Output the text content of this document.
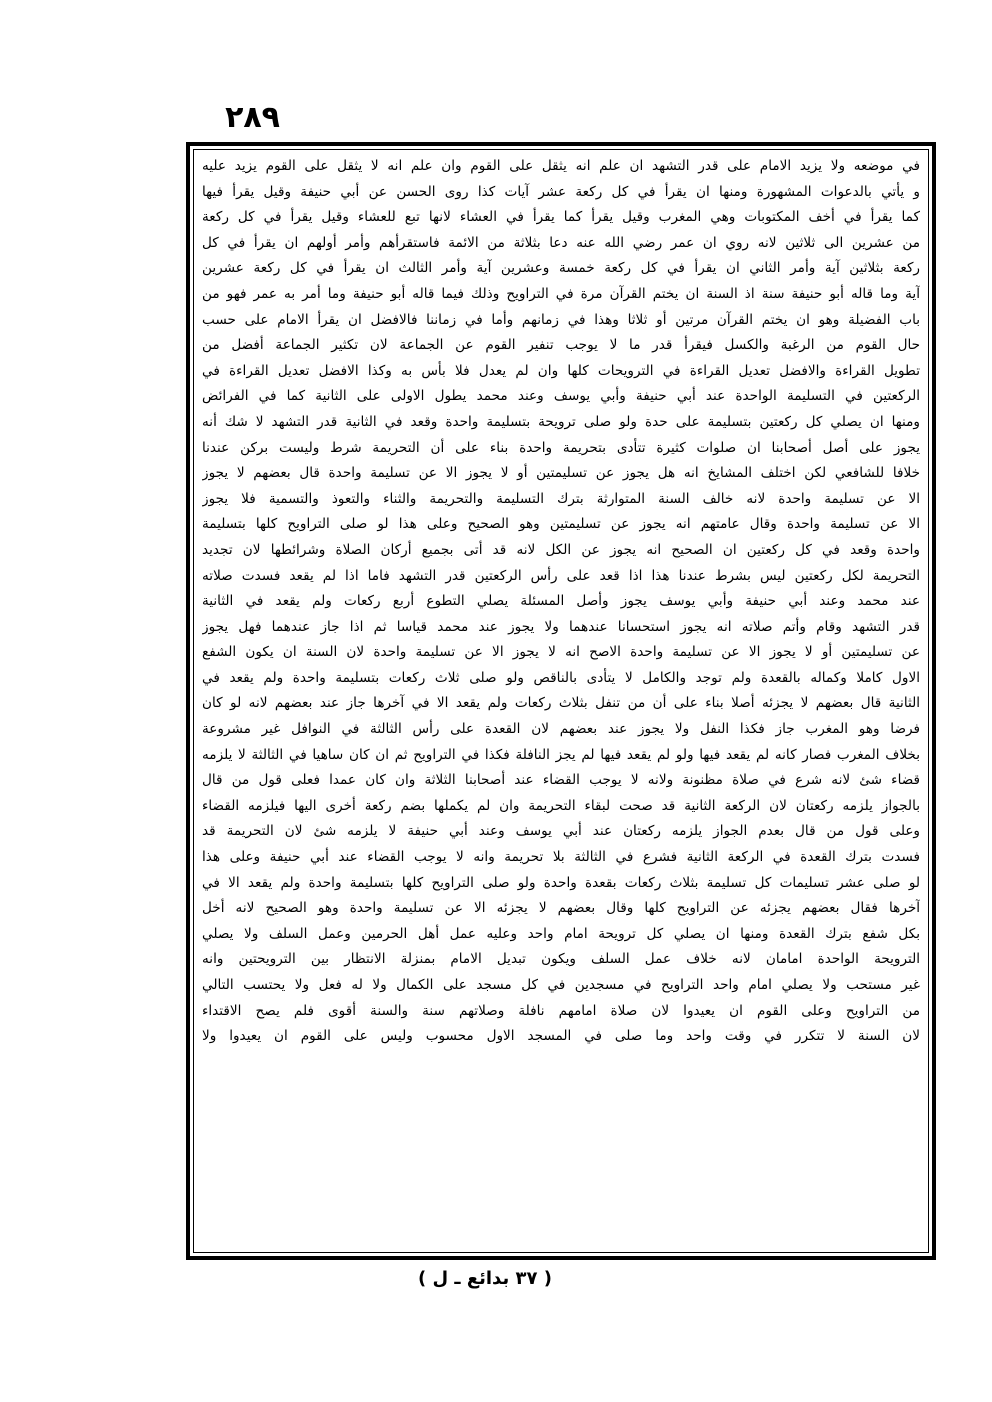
٢٨٩
في موضعه ولا يزيد الامام على قدر التشهد ان علم انه يثقل على القوم وان علم انه لا يثقل على القوم يزيد عليه
و يأتي بالدعوات المشهورة ومنها ان يقرأ في كل ركعة عشر آيات كذا روى الحسن عن أبي حنيفة وقيل يقرأ فيها
كما يقرأ في أخف المكتوبات وهي المغرب وقيل يقرأ كما يقرأ في العشاء لانها تبع للعشاء وقيل يقرأ في كل ركعة
من عشرين الى ثلاثين لانه روي ان عمر رضي الله عنه دعا بثلاثة من الائمة فاستقرأهم وأمر أولهم ان يقرأ في كل
ركعة بثلاثين آية وأمر الثاني ان يقرأ في كل ركعة خمسة وعشرين آية وأمر الثالث ان يقرأ في كل ركعة عشرين
آية وما قاله أبو حنيفة سنة اذ السنة ان يختم القرآن مرة في التراويح وذلك فيما قاله أبو حنيفة وما أمر به عمر فهو من
باب الفضيلة وهو ان يختم القرآن مرتين أو ثلاثا وهذا في زمانهم وأما في زماننا فالافضل ان يقرأ الامام على حسب
حال القوم من الرغبة والكسل فيقرأ قدر ما لا يوجب تنفير القوم عن الجماعة لان تكثير الجماعة أفضل من
تطويل القراءة والافضل تعديل القراءة في الترويحات كلها وان لم يعدل فلا بأس به وكذا الافضل تعديل القراءة في
الركعتين في التسليمة الواحدة عند أبي حنيفة وأبي يوسف وعند محمد يطول الاولى على الثانية كما في الفرائض
ومنها ان يصلي كل ركعتين بتسليمة على حدة ولو صلى ترويحة بتسليمة واحدة وقعد في الثانية قدر التشهد لا شك أنه
يجوز على أصل أصحابنا ان صلوات كثيرة تتأدى بتحريمة واحدة بناء على أن التحريمة شرط وليست بركن عندنا
خلافا للشافعي لكن اختلف المشايخ انه هل يجوز عن تسليمتين أو لا يجوز الا عن تسليمة واحدة قال بعضهم لا يجوز
الا عن تسليمة واحدة لانه خالف السنة المتوارثة بترك التسليمة والتحريمة والثناء والتعوذ والتسمية فلا يجوز
الا عن تسليمة واحدة وقال عامتهم انه يجوز عن تسليمتين وهو الصحيح وعلى هذا لو صلى التراويح كلها بتسليمة
واحدة وقعد في كل ركعتين ان الصحيح انه يجوز عن الكل لانه قد أتى بجميع أركان الصلاة وشرائطها لان تجديد
التحريمة لكل ركعتين ليس بشرط عندنا هذا اذا قعد على رأس الركعتين قدر التشهد فاما اذا لم يقعد فسدت صلاته
عند محمد وعند أبي حنيفة وأبي يوسف يجوز وأصل المسئلة يصلي التطوع أربع ركعات ولم يقعد في الثانية
قدر التشهد وقام وأتم صلاته انه يجوز استحسانا عندهما ولا يجوز عند محمد قياسا ثم اذا جاز عندهما فهل يجوز
عن تسليمتين أو لا يجوز الا عن تسليمة واحدة الاصح انه لا يجوز الا عن تسليمة واحدة لان السنة ان يكون الشفع
الاول كاملا وكماله بالقعدة ولم توجد والكامل لا يتأدى بالناقص ولو صلى ثلاث ركعات بتسليمة واحدة ولم يقعد في
الثانية قال بعضهم لا يجزئه أصلا بناء على أن من تنفل بثلاث ركعات ولم يقعد الا في آخرها جاز عند بعضهم لانه لو كان
فرضا وهو المغرب جاز فكذا النفل ولا يجوز عند بعضهم لان القعدة على رأس الثالثة في النوافل غير مشروعة
بخلاف المغرب فصار كانه لم يقعد فيها ولو لم يقعد فيها لم يجز النافلة فكذا في التراويح ثم ان كان ساهيا في الثالثة لا يلزمه
قضاء شئ لانه شرع في صلاة مظنونة ولانه لا يوجب القضاء عند أصحابنا الثلاثة وان كان عمدا فعلى قول من قال
بالجواز يلزمه ركعتان لان الركعة الثانية قد صحت لبقاء التحريمة وان لم يكملها بضم ركعة أخرى اليها فيلزمه القضاء
وعلى قول من قال بعدم الجواز يلزمه ركعتان عند أبي يوسف وعند أبي حنيفة لا يلزمه شئ لان التحريمة قد
فسدت بترك القعدة في الركعة الثانية فشرع في الثالثة بلا تحريمة وانه لا يوجب القضاء عند أبي حنيفة وعلى هذا
لو صلى عشر تسليمات كل تسليمة بثلاث ركعات بقعدة واحدة ولو صلى التراويح كلها بتسليمة واحدة ولم يقعد الا في
آخرها فقال بعضهم يجزئه عن التراويح كلها وقال بعضهم لا يجزئه الا عن تسليمة واحدة وهو الصحيح لانه أخل
بكل شفع بترك القعدة ومنها ان يصلي كل ترويحة امام واحد وعليه عمل أهل الحرمين وعمل السلف ولا يصلي
الترويحة الواحدة امامان لانه خلاف عمل السلف ويكون تبديل الامام بمنزلة الانتظار بين الترويحتين وانه
غير مستحب ولا يصلي امام واحد التراويح في مسجدين في كل مسجد على الكمال ولا له فعل ولا يحتسب التالي
من التراويح وعلى القوم ان يعيدوا لان صلاة امامهم نافلة وصلاتهم سنة والسنة أقوى فلم يصح الاقتداء
لان السنة لا تتكرر في وقت واحد وما صلى في المسجد الاول محسوب وليس على القوم ان يعيدوا ولا
( ٣٧ بدائع ـ ل )
